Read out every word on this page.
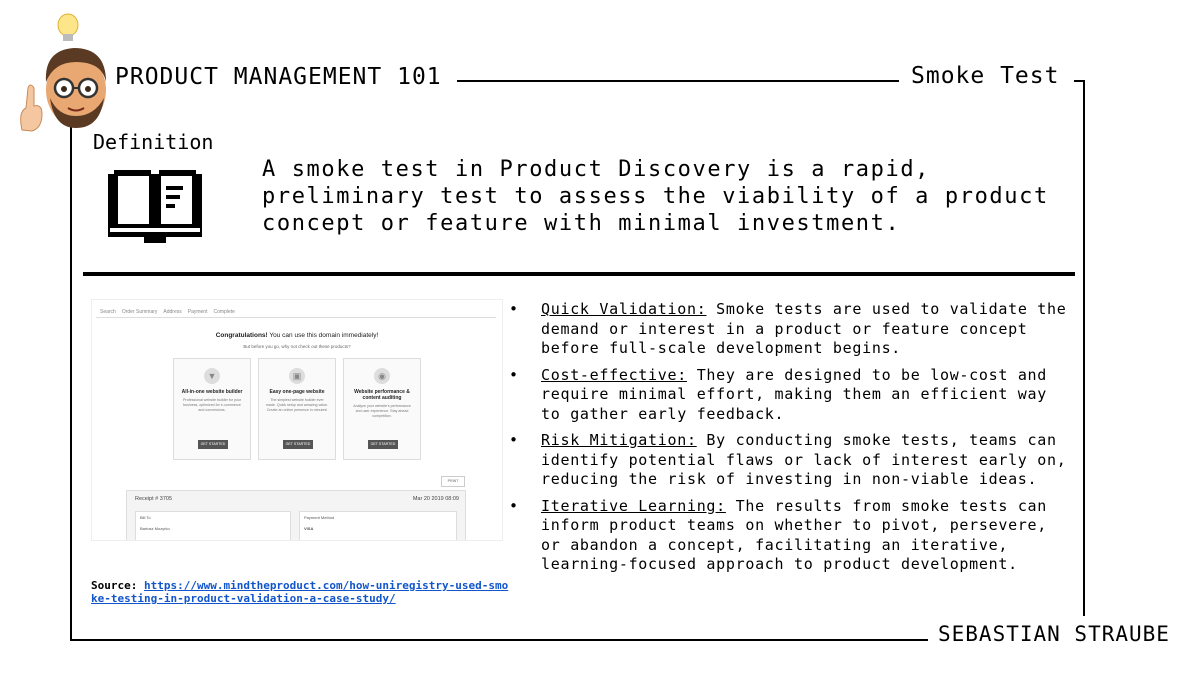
PRODUCT MANAGEMENT 101	Smoke Test
Definition
A smoke test in Product Discovery is a rapid, preliminary test to assess the viability of a product concept or feature with minimal investment.
Search Order Summary Address Payment Complete
Congratulations! You can use this domain immediately!
But before you go, why not check out these products?
▼
All-in-one website builder
Professional website builder for your business, optimized for e-commerce and conversions.
GET STARTED
▣
Easy one-page website
The simplest website builder ever made. Quick setup and amazing value. Create an online presence in minutes!
GET STARTED
◉
Website performance & content auditing
Analyze your website's performance and user experience. Stay ahead competition.
GET STARTED
PRINT
Receipt # 3705	Mar 20 2019 08:09
Bill To
Bartosz Mozyrko
Payment Method
VISA
Source: https://www.mindtheproduct.com/how-uniregistry-used-smoke-testing-in-product-validation-a-case-study/
• Quick Validation: Smoke tests are used to validate the demand or interest in a product or feature concept before full-scale development begins.
• Cost-effective: They are designed to be low-cost and require minimal effort, making them an efficient way to gather early feedback.
• Risk Mitigation: By conducting smoke tests, teams can identify potential flaws or lack of interest early on, reducing the risk of investing in non-viable ideas.
• Iterative Learning: The results from smoke tests can inform product teams on whether to pivot, persevere, or abandon a concept, facilitating an iterative, learning-focused approach to product development.
SEBASTIAN STRAUBE
